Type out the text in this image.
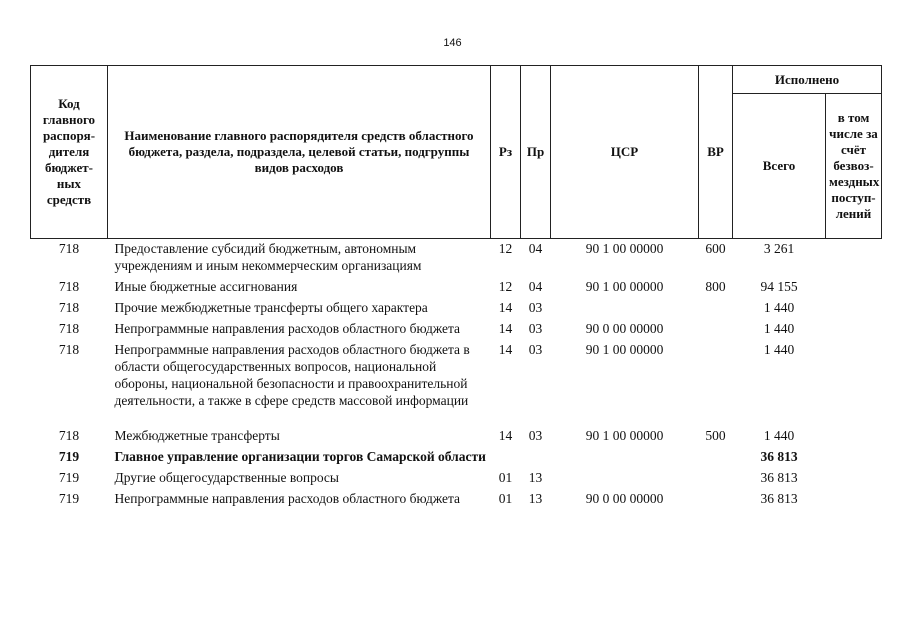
146
Код главного распоря-дителя бюджет-ных средств	Наименование главного распорядителя средств областного бюджета, раздела, подраздела, целевой статьи, подгруппы видов расходов	Рз	Пр	ЦСР	ВР	Исполнено	
						Всего	в том числе за счёт безвоз-мездных поступ-лений
718	Предоставление субсидий бюджетным, автономным учреждениям и иным некоммерческим организациям	12	04	90 1 00 00000	600	3 261	
718	Иные бюджетные ассигнования	12	04	90 1 00 00000	800	94 155	
718	Прочие межбюджетные трансферты общего характера	14	03			1 440	
718	Непрограммные направления расходов областного бюджета	14	03	90 0 00 00000		1 440	
718	Непрограммные направления расходов областного бюджета в области общегосударственных вопросов, национальной обороны, национальной безопасности и правоохранительной деятельности, а также в сфере средств массовой информации	14	03	90 1 00 00000		1 440	

718	Межбюджетные трансферты	14	03	90 1 00 00000	500	1 440	
719	Главное управление организации торгов Самарской области					36 813	
719	Другие общегосударственные вопросы	01	13			36 813	
719	Непрограммные направления расходов областного бюджета	01	13	90 0 00 00000		36 813	
